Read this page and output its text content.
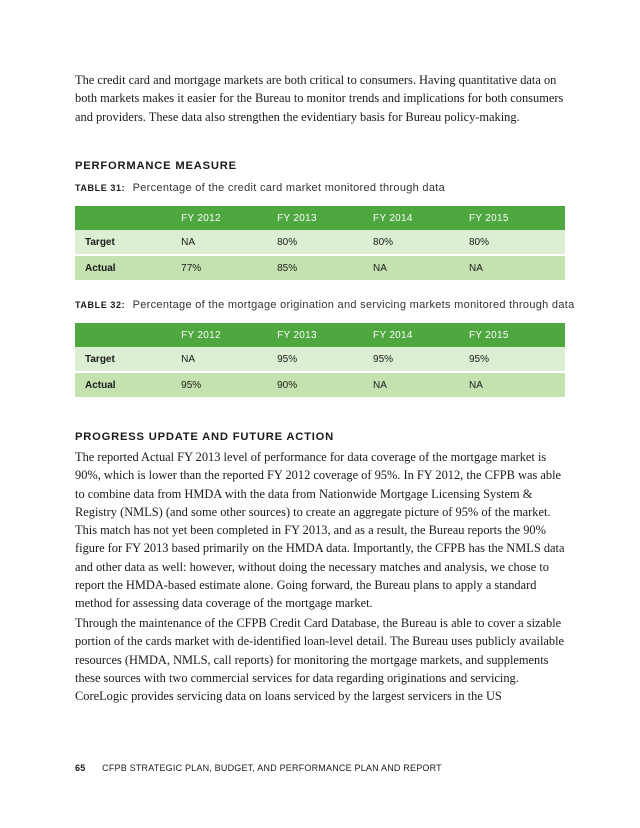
The credit card and mortgage markets are both critical to consumers. Having quantitative data on both markets makes it easier for the Bureau to monitor trends and implications for both consumers and providers. These data also strengthen the evidentiary basis for Bureau policy-making.

PERFORMANCE MEASURE
TABLE 31: Percentage of the credit card market monitored through data
	FY 2012	FY 2013	FY 2014	FY 2015
Target	NA	80%	80%	80%
Actual	77%	85%	NA	NA
TABLE 32: Percentage of the mortgage origination and servicing markets monitored through data
	FY 2012	FY 2013	FY 2014	FY 2015
Target	NA	95%	95%	95%
Actual	95%	90%	NA	NA
PROGRESS UPDATE AND FUTURE ACTION

The reported Actual FY 2013 level of performance for data coverage of the mortgage market is 90%, which is lower than the reported FY 2012 coverage of 95%. In FY 2012, the CFPB was able to combine data from HMDA with the data from Nationwide Mortgage Licensing System & Registry (NMLS) (and some other sources) to create an aggregate picture of 95% of the market. This match has not yet been completed in FY 2013, and as a result, the Bureau reports the 90% figure for FY 2013 based primarily on the HMDA data. Importantly, the CFPB has the NMLS data and other data as well: however, without doing the necessary matches and analysis, we chose to report the HMDA-based estimate alone. Going forward, the Bureau plans to apply a standard method for assessing data coverage of the mortgage market.

Through the maintenance of the CFPB Credit Card Database, the Bureau is able to cover a sizable portion of the cards market with de-identified loan-level detail. The Bureau uses publicly available resources (HMDA, NMLS, call reports) for monitoring the mortgage markets, and supplements these sources with two commercial services for data regarding originations and servicing. CoreLogic provides servicing data on loans serviced by the largest servicers in the US

65 CFPB STRATEGIC PLAN, BUDGET, AND PERFORMANCE PLAN AND REPORT
